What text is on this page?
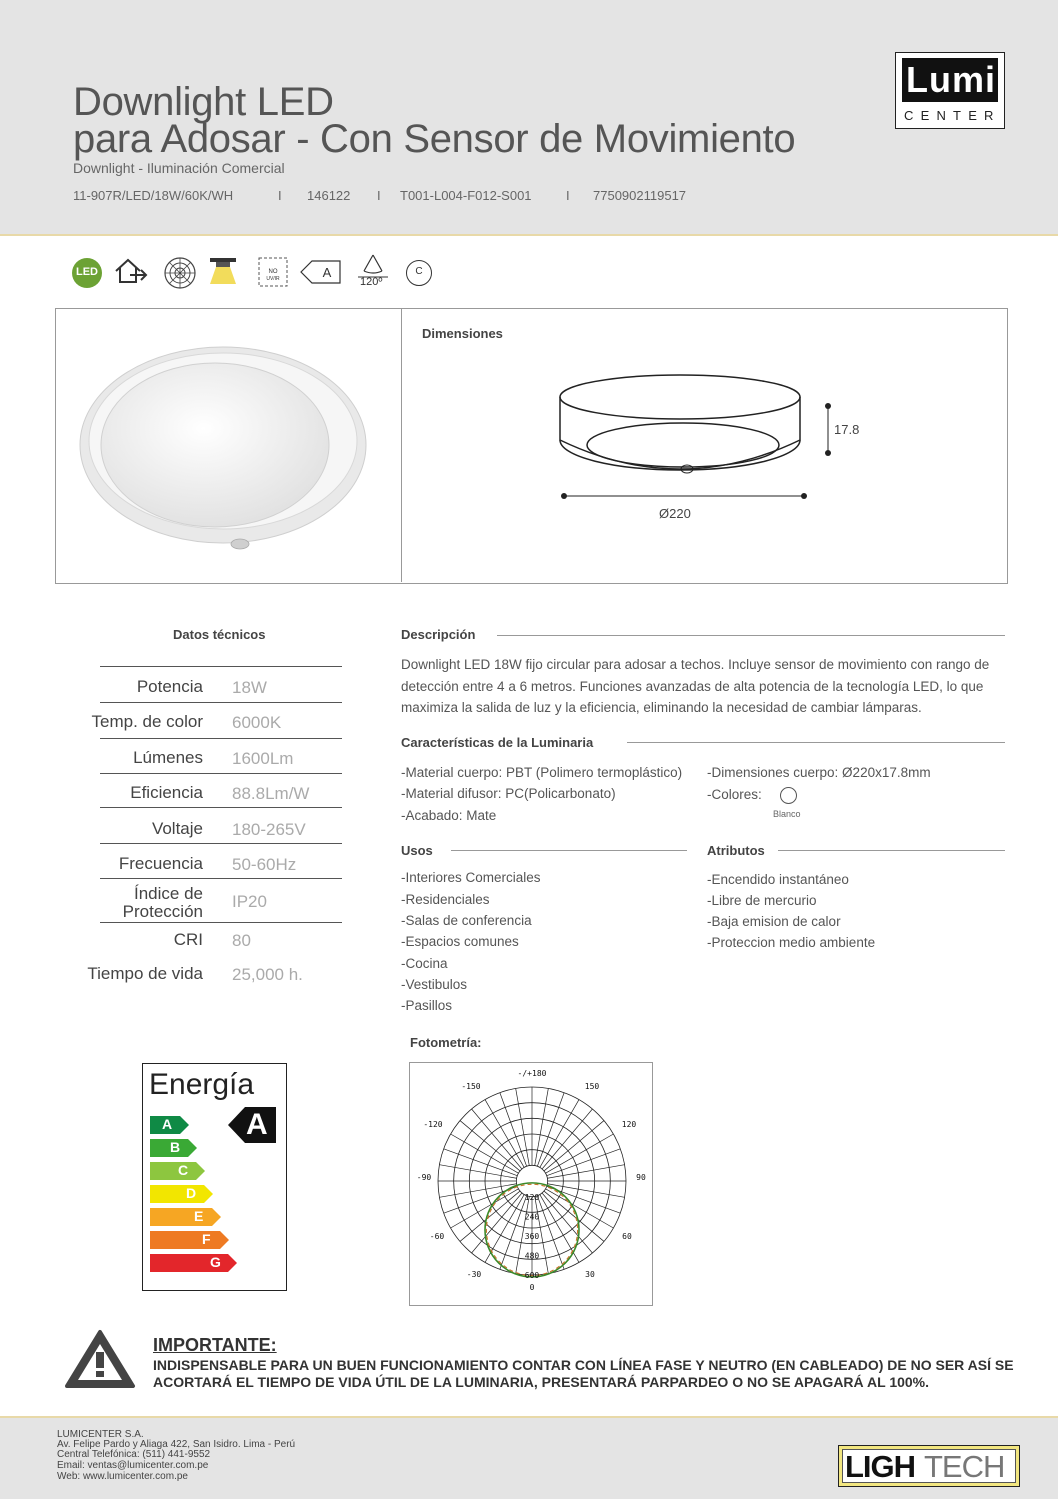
Downlight LED
para Adosar - Con Sensor de Movimiento
Downlight - Iluminación Comercial
11-907R/LED/18W/60K/WH	I 146122 I T001-L004-F012-S001	I 7750902119517
Lumi
CENTER
LED	NO
UV/IR	A
120º
C
Dimensiones
17.8
Ø220
Datos técnicos
Potencia 18W
Temp. de color 6000K
Lúmenes 1600Lm
Eficiencia 88.8Lm/W
Voltaje 180-265V
Frecuencia 50-60Hz
Índice de
Protección
IP20
CRI 80
Tiempo de vida 25,000 h.
Descripción
Downlight LED 18W fijo circular para adosar a techos. Incluye sensor de movimiento con rango de
detección entre 4 a 6 metros. Funciones avanzadas de alta potencia de la tecnología LED, lo que
maximiza la salida de luz y la eficiencia, eliminando la necesidad de cambiar lámparas.
Características de la Luminaria
-Material cuerpo: PBT (Polimero termoplástico)
-Material difusor: PC(Policarbonato)
-Acabado: Mate
-Dimensiones cuerpo: Ø220x17.8mm
-Colores:
Blanco
Usos
-Interiores Comerciales
-Residenciales
-Salas de conferencia
-Espacios comunes
-Cocina
-Vestibulos
-Pasillos
Atributos
-Encendido instantáneo
-Libre de mercurio
-Baja emision de calor
-Proteccion medio ambiente
Energía
A
A
B
C
D
E
F
G
Fotometría:
-/+180
-150	150
-120	120
-90	90
-60	60
-30	30
0
120
240
360
480
600
IMPORTANTE:
INDISPENSABLE PARA UN BUEN FUNCIONAMIENTO CONTAR CON LÍNEA FASE Y NEUTRO (EN CABLEADO) DE NO SER ASÍ SE
ACORTARÁ EL TIEMPO DE VIDA ÚTIL DE LA LUMINARIA, PRESENTARÁ PARPARDEO O NO SE APAGARÁ AL 100%.
LUMICENTER S.A.
Av. Felipe Pardo y Aliaga 422, San Isidro. Lima - Perú
Central Telefónica: (511) 441-9552
Email: ventas@lumicenter.com.pe
Web: www.lumicenter.com.pe	LIGH TECH
